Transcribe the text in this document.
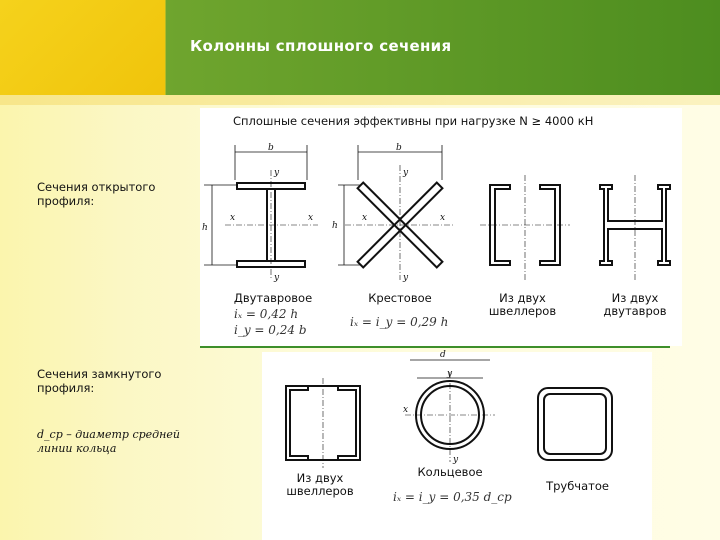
Колонны сплошного сечения
Сплошные сечения эффективны при нагрузке N ≥ 4000 кН
Сечения открытого профиля:
Сечения замкнутого профиля:
d_cp – диаметр средней линии кольца
b
h
x	x
y
y
b
h
x	x
y
y
Двутавровое
iₓ = 0,42 h
i_y = 0,24 b
Крестовое
iₓ = i_y = 0,29 h
Из двух швеллеров
Из двух двутавров
d
y
x
y
Из двух швеллеров
Кольцевое
iₓ = i_y = 0,35 d_cp
Трубчатое
